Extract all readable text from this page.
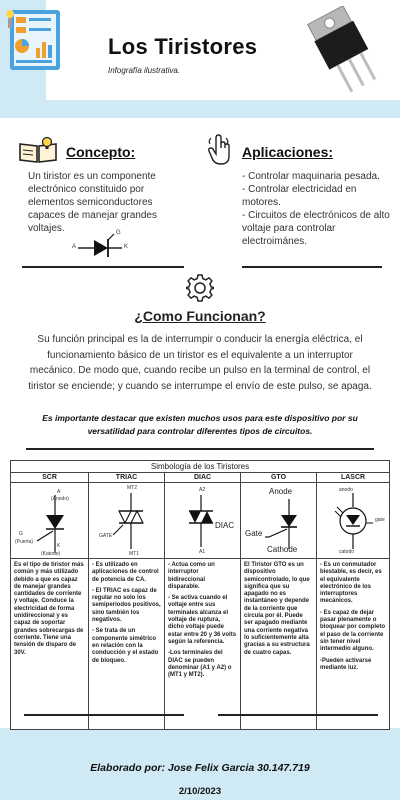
Los Tiristores
Infografía ilustrativa.
Concepto:
Un tiristor es un componente electrónico constituido por elementos semiconductores capaces de manejar grandes voltajes.
A	K
G
Aplicaciones:
- Controlar maquinaria pesada.
- Controlar electricidad en motores.
- Circuitos de electrónicos de alto voltaje para controlar electroimánes.
¿Como Funcionan?
Su función principal es la de interrumpir o conducir la energía eléctrica, el funcionamiento básico de un tiristor es el equivalente a un interruptor mecánico. De modo que, cuando recibe un pulso en la terminal de control, el tiristor se enciende; y cuando se interrumpe el envío de este pulso, se apaga.
Es importante destacar que existen muchos usos para este dispositivo por su versatilidad para controlar diferentes tipos de circuitos.
Simbología de los Tiristores
SCR
A
(Anodo)
G
(Puerta)
K
(Katodo)

Es el tipo de tiristor más común y más utilizado debido a que es capaz de manejar grandes cantidades de corriente y voltaje. Conduce la electricidad de forma unidireccional y es capaz de soportar grandes sobrecargas de corriente. Tiene una tensión de disparo de 30V.

TRIAC
MT2
GATE
MT1

- Es utilizado en aplicaciones de control de potencia de CA.

- El TRIAC es capaz de regular no solo los semiperiodos positivos, sino también los negativos.

- Se trata de un componente simétrico en relación con la conducción y el estado de bloqueo.

DIAC
A2
DIAC
A1

- Actua como un interruptor bidireccional disparable.

- Se activa cuando el voltaje entre sus terminales alcanza el voltaje de ruptura, dicho voltaje puede estar entre 20 y 36 volts según la referencia.

-Los terminales del DIAC se pueden denominar (A1 y A2) o (MT1 y MT2).

GTO
Anode
Gate
Cathode

El Tiristor GTO es un dispositivo semicontrolado, lo que significa que su apagado no es instantáneo y depende de la corriente que circula por él. Puede ser apagado mediante una corriente negativa lo suficientemente alta gracias a su estructura de cuatro capas.

LASCR
anodo
gate
catodo

- Es un conmutador biestable, es decir, es el equivalente electrónico de los interruptores mecánicos.

- Es capaz de dejar pasar plenamente o bloquear por completo el paso de la corriente sin tener nivel intermedio alguno.

-Pueden activarse mediante luz.

Elaborado por: Jose Felix Garcia 30.147.719
2/10/2023
